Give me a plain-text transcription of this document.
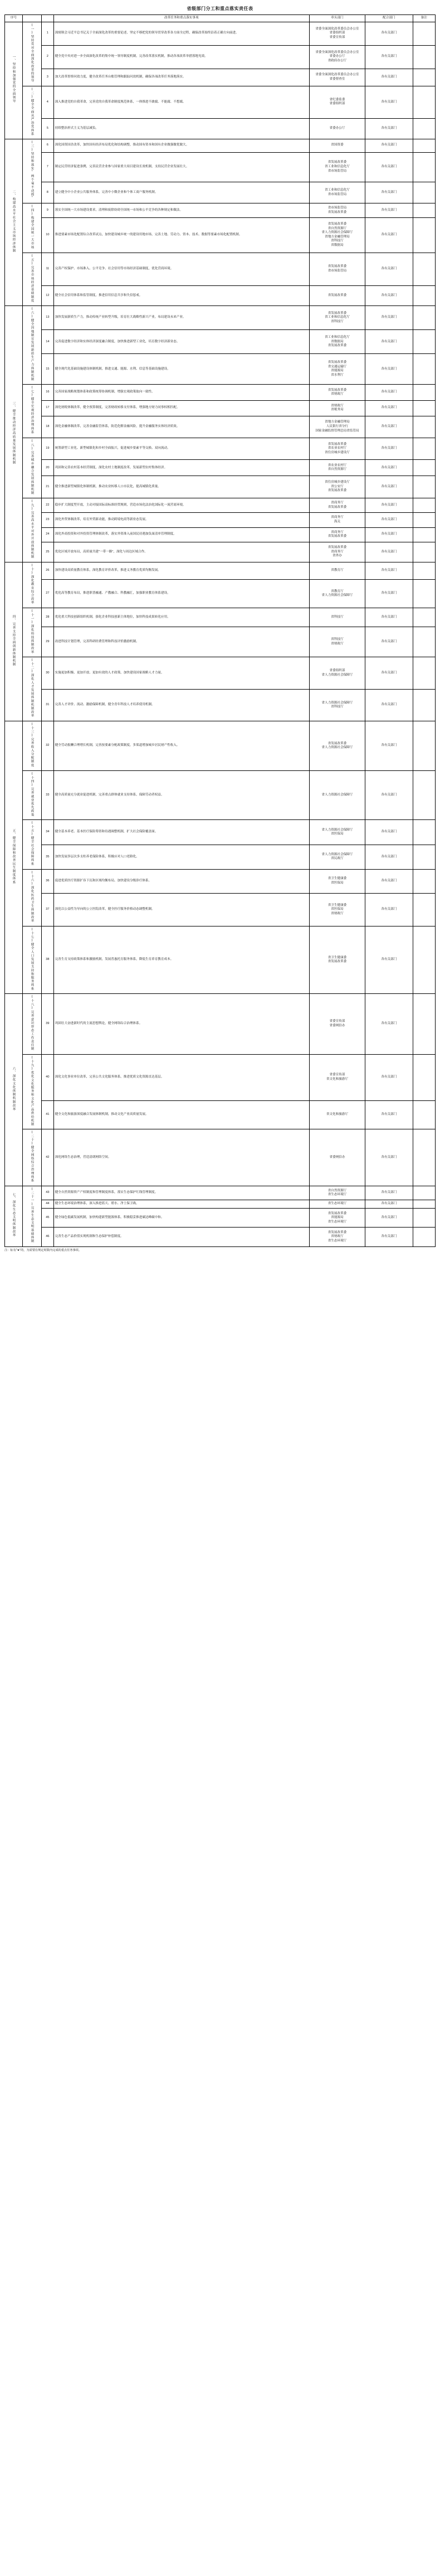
省级部门分工和重点落实责任表
序号			改革任务和重点落实事项	牵头部门	配合部门	备注
一、坚持和加强党的全面领导	(一)坚持党对全面深化改革的领导	1	深刻领会习近平总书记关于全面深化改革的重要论述，坚定不移把党的领导贯穿改革各方面全过程，确保改革始终沿着正确方向前进。	省委全面深化改革委员会办公室
省委组织部
省委宣传部	各有关部门	
		2	健全党中央对进一步全面深化改革的集中统一领导制度机制，完善改革落实机制，推动各项改革举措落地见效。	省委全面深化改革委员会办公室
省委办公厅
省政府办公厅	各有关部门	
		3	加大改革督察问效力度，健全改革任务台账管理和跟踪问效机制，确保各项改革任务落地落实。	省委全面深化改革委员会办公室
省委督查室	各有关部门	
	(二)健全全面从严治党体系	4	深入推进党的自我革命，完善党的自我革命制度规范体系，一体推进不敢腐、不能腐、不想腐。	省纪委监委
省委组织部	各有关部门	
		5	持续整治形式主义为基层减负。	省委办公厅	各有关部门	
二、构建高水平社会主义市场经济体制	(三)坚持和落实"两个毫不动摇"	6	深化国资国企改革，加快国有经济布局优化和结构调整，推动国有资本和国有企业做强做优做大。	省国资委	各有关部门	
		7	制定民营经济促进条例，完善民营企业参与国家重大项目建设长效机制，支持民营企业发展壮大。	省发展改革委
省工业和信息化厅
省市场监管局	各有关部门	
		8	建立健全中小企业公共服务体系，完善中小微企业和个体工商户服务机制。	省工业和信息化厅
省市场监管局	各有关部门	
	(四)构建全国统一大市场	9	落实全国统一大市场建设要求，清理和废除妨碍全国统一市场和公平竞争的各种规定和做法。	省市场监管局
省发展改革委	各有关部门	
10	推进要素市场化配置综合改革试点，加快建设城乡统一的建设用地市场，完善土地、劳动力、资本、技术、数据等要素市场化配置机制。	省发展改革委
省自然资源厅
省人力资源社会保障厅
省地方金融管理局
省科技厅
省数据局	各有关部门	
	(五)完善市场经济基础制度	11	完善产权保护、市场准入、公平竞争、社会信用等市场经济基础制度，优化营商环境。	省发展改革委
省市场监管局	各有关部门	
		12	健全社会信用体系和监管制度，推进信用信息共享和失信惩戒。	省发展改革委	各有关部门	
三、健全推动经济高质量发展体制机制	(六)健全因地制宜发展新质生产力体制机制	13	加快发展新质生产力，推动传统产业转型升级，培育壮大战略性新兴产业，布局建设未来产业。	省发展改革委
省工业和信息化厅
省科技厅	各有关部门	
		14	完善促进数字经济和实体经济深度融合制度，加快推进新型工业化，培育数字经济新业态。	省工业和信息化厅
省数据局
省发展改革委	各有关部门	
		15	健全现代化基础设施建设体制机制，推进交通、能源、水利、信息等基础设施建设。	省发展改革委
省交通运输厅
省能源局
省水利厅	各有关部门	
	(七)健全宏观经济治理体系	16	完善国家战略规划体系和政策统筹协调机制，增强宏观政策取向一致性。	省发展改革委
省财政厅	各有关部门	
		17	深化财税体制改革，健全预算制度，完善财政转移支付体系，增强地方财力同事权相匹配。	省财政厅
省税务局	各有关部门	
		18	深化金融体制改革，完善金融监管体系，防范化解金融风险，提升金融服务实体经济质效。	省地方金融管理局
人民银行省分行
国家金融监督管理总局省监管局	各有关部门	
	(八)完善城乡融合发展体制机制	19	统筹新型工业化、新型城镇化和乡村全面振兴，促进城乡要素平等交换、双向流动。	省发展改革委
省农业农村厅
省住房城乡建设厅	各有关部门	
		20	巩固和完善农村基本经营制度，深化农村土地制度改革，发展新型农村集体经济。	省农业农村厅
省自然资源厅	各有关部门	
		21	健全推进新型城镇化体制机制，推动农业转移人口市民化，提高城镇化质量。	省住房城乡建设厅
省公安厅
省发展改革委	各有关部门	
	(九)完善高水平对外开放体制机制	22	稳步扩大制度型开放，主动对接国际高标准经贸规则，营造市场化法治化国际化一流营商环境。	省商务厅
省发展改革委	各有关部门	
		23	深化外贸体制改革，培育外贸新动能，推动跨境电商等新业态发展。	省商务厅
海关	各有关部门	
		24	深化外商投资和对外投资管理体制改革，落实外资准入前国民待遇加负面清单管理制度。	省商务厅
省发展改革委	各有关部门	
		25	优化区域开放布局，高质量共建"一带一路"，深化与周边区域合作。	省发展改革委
省商务厅
省外办	各有关部门	
四、完善支持全面创新体制机制	(十)深化教育综合改革	26	加快建设高质量教育体系，深化教育评价改革，推进义务教育优质均衡发展。	省教育厅	各有关部门	
		27	优化高等教育布局，推进职普融通、产教融合、科教融汇，加强职业教育体系建设。	省教育厅
省人力资源社会保障厅	各有关部门	
	(十一)深化科技体制改革	28	优化重大科技创新组织机制，强化企业科技创新主体地位，加快科技成果转化应用。	省科技厅	各有关部门	
		29	改进科技计划管理，完善科研经费管理和科技评价激励机制。	省科技厅
省财政厅	各有关部门	
	(十二)深化人才发展体制机制改革	30	实施更加积极、更加开放、更加有效的人才政策，加快建设国家战略人才力量。	省委组织部
省人力资源社会保障厅	各有关部门	
		31	完善人才评价、流动、激励保障机制，健全青年科技人才培养使用机制。	省人力资源社会保障厅
省科技厅	各有关部门	
五、健全保障和改善民生制度体系	(十三)完善收入分配制度	32	健全劳动报酬合理增长机制，完善按要素分配政策制度，多渠道增加城乡居民财产性收入。	省发展改革委
省人力资源社会保障厅	各有关部门	
	(十四)完善就业优先政策	33	健全高质量充分就业促进机制，完善重点群体就业支持体系，保障劳动者权益。	省人力资源社会保障厅	各有关部门	
	(十五)健全社会保障体系	34	健全基本养老、基本医疗保险筹资和待遇调整机制，扩大社会保险覆盖面。	省人力资源社会保障厅
省医保局	各有关部门	
		35	加快发展多层次多支柱养老保险体系，积极应对人口老龄化。	省人力资源社会保障厅
省民政厅	各有关部门	
	(十六)深化医药卫生体制改革	36	促进优质医疗资源扩容下沉和区域均衡布局，加快建设分级诊疗体系。	省卫生健康委
省医保局	各有关部门	
		37	深化以公益性为导向的公立医院改革，健全医疗服务价格动态调整机制。	省卫生健康委
省医保局
省财政厅	各有关部门	
	(十七)健全人口发展支持和服务体系	38	完善生育支持政策体系和激励机制，发展普惠托育服务体系，降低生育养育教育成本。	省卫生健康委
省发展改革委	各有关部门	
六、深化文化体制机制改革	(十八)完善意识形态工作责任制	39	巩固壮大奋进新时代的主流思想舆论，健全网络综合治理体系。	省委宣传部
省委网信办	各有关部门	
	(十九)优化文化服务和文化产品供给机制	40	深化文化事业单位改革，完善公共文化服务体系，推进优质文化资源直达基层。	省委宣传部
省文化和旅游厅	各有关部门	
		41	健全文化和旅游深度融合发展体制机制，推动文化产业高质量发展。	省文化和旅游厅	各有关部门	
	(二十)健全网络综合治理体系	42	深化网络生态治理，营造清朗网络空间。	省委网信办	各有关部门	
七、深化生态文明体制改革	(二十一)完善生态文明基础体制	43	健全自然资源资产产权制度和管理制度体系，落实生态保护红线管理制度。	省自然资源厅
省生态环境厅	各有关部门	
		44	健全生态环境治理体系，深入推进蓝天、碧水、净土保卫战。	省生态环境厅	各有关部门	
		45	健全绿色低碳发展机制，加快构建新型能源体系，积极稳妥推进碳达峰碳中和。	省发展改革委
省能源局
省生态环境厅	各有关部门	
		46	完善生态产品价值实现机制和生态保护补偿制度。	省发展改革委
省财政厅
省生态环境厅	各有关部门	
注：标有"★"的，为需要在规定时限内完成的重点任务事项。
